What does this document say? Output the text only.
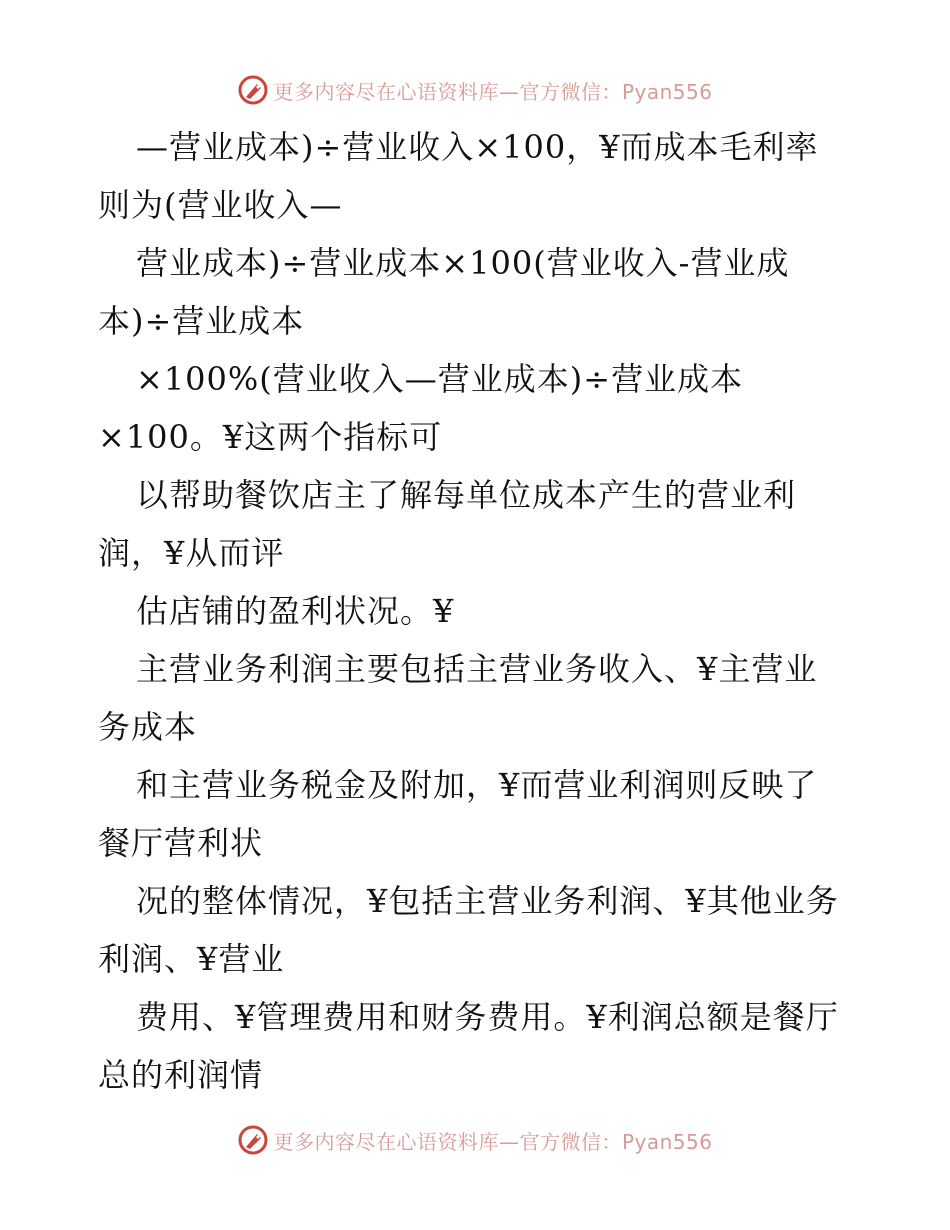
更多内容尽在心语资料库—官方微信：Pyan556
—营业成本)÷营业收入×100，¥而成本毛利率
则为(营业收入—
营业成本)÷营业成本×100(营业收入-营业成
本)÷营业成本
×100%(营业收入—营业成本)÷营业成本
×100。¥这两个指标可
以帮助餐饮店主了解每单位成本产生的营业利
润，¥从而评
估店铺的盈利状况。¥
主营业务利润主要包括主营业务收入、¥主营业
务成本
和主营业务税金及附加，¥而营业利润则反映了
餐厅营利状
况的整体情况，¥包括主营业务利润、¥其他业务
利润、¥营业
费用、¥管理费用和财务费用。¥利润总额是餐厅
总的利润情
更多内容尽在心语资料库—官方微信：Pyan556
